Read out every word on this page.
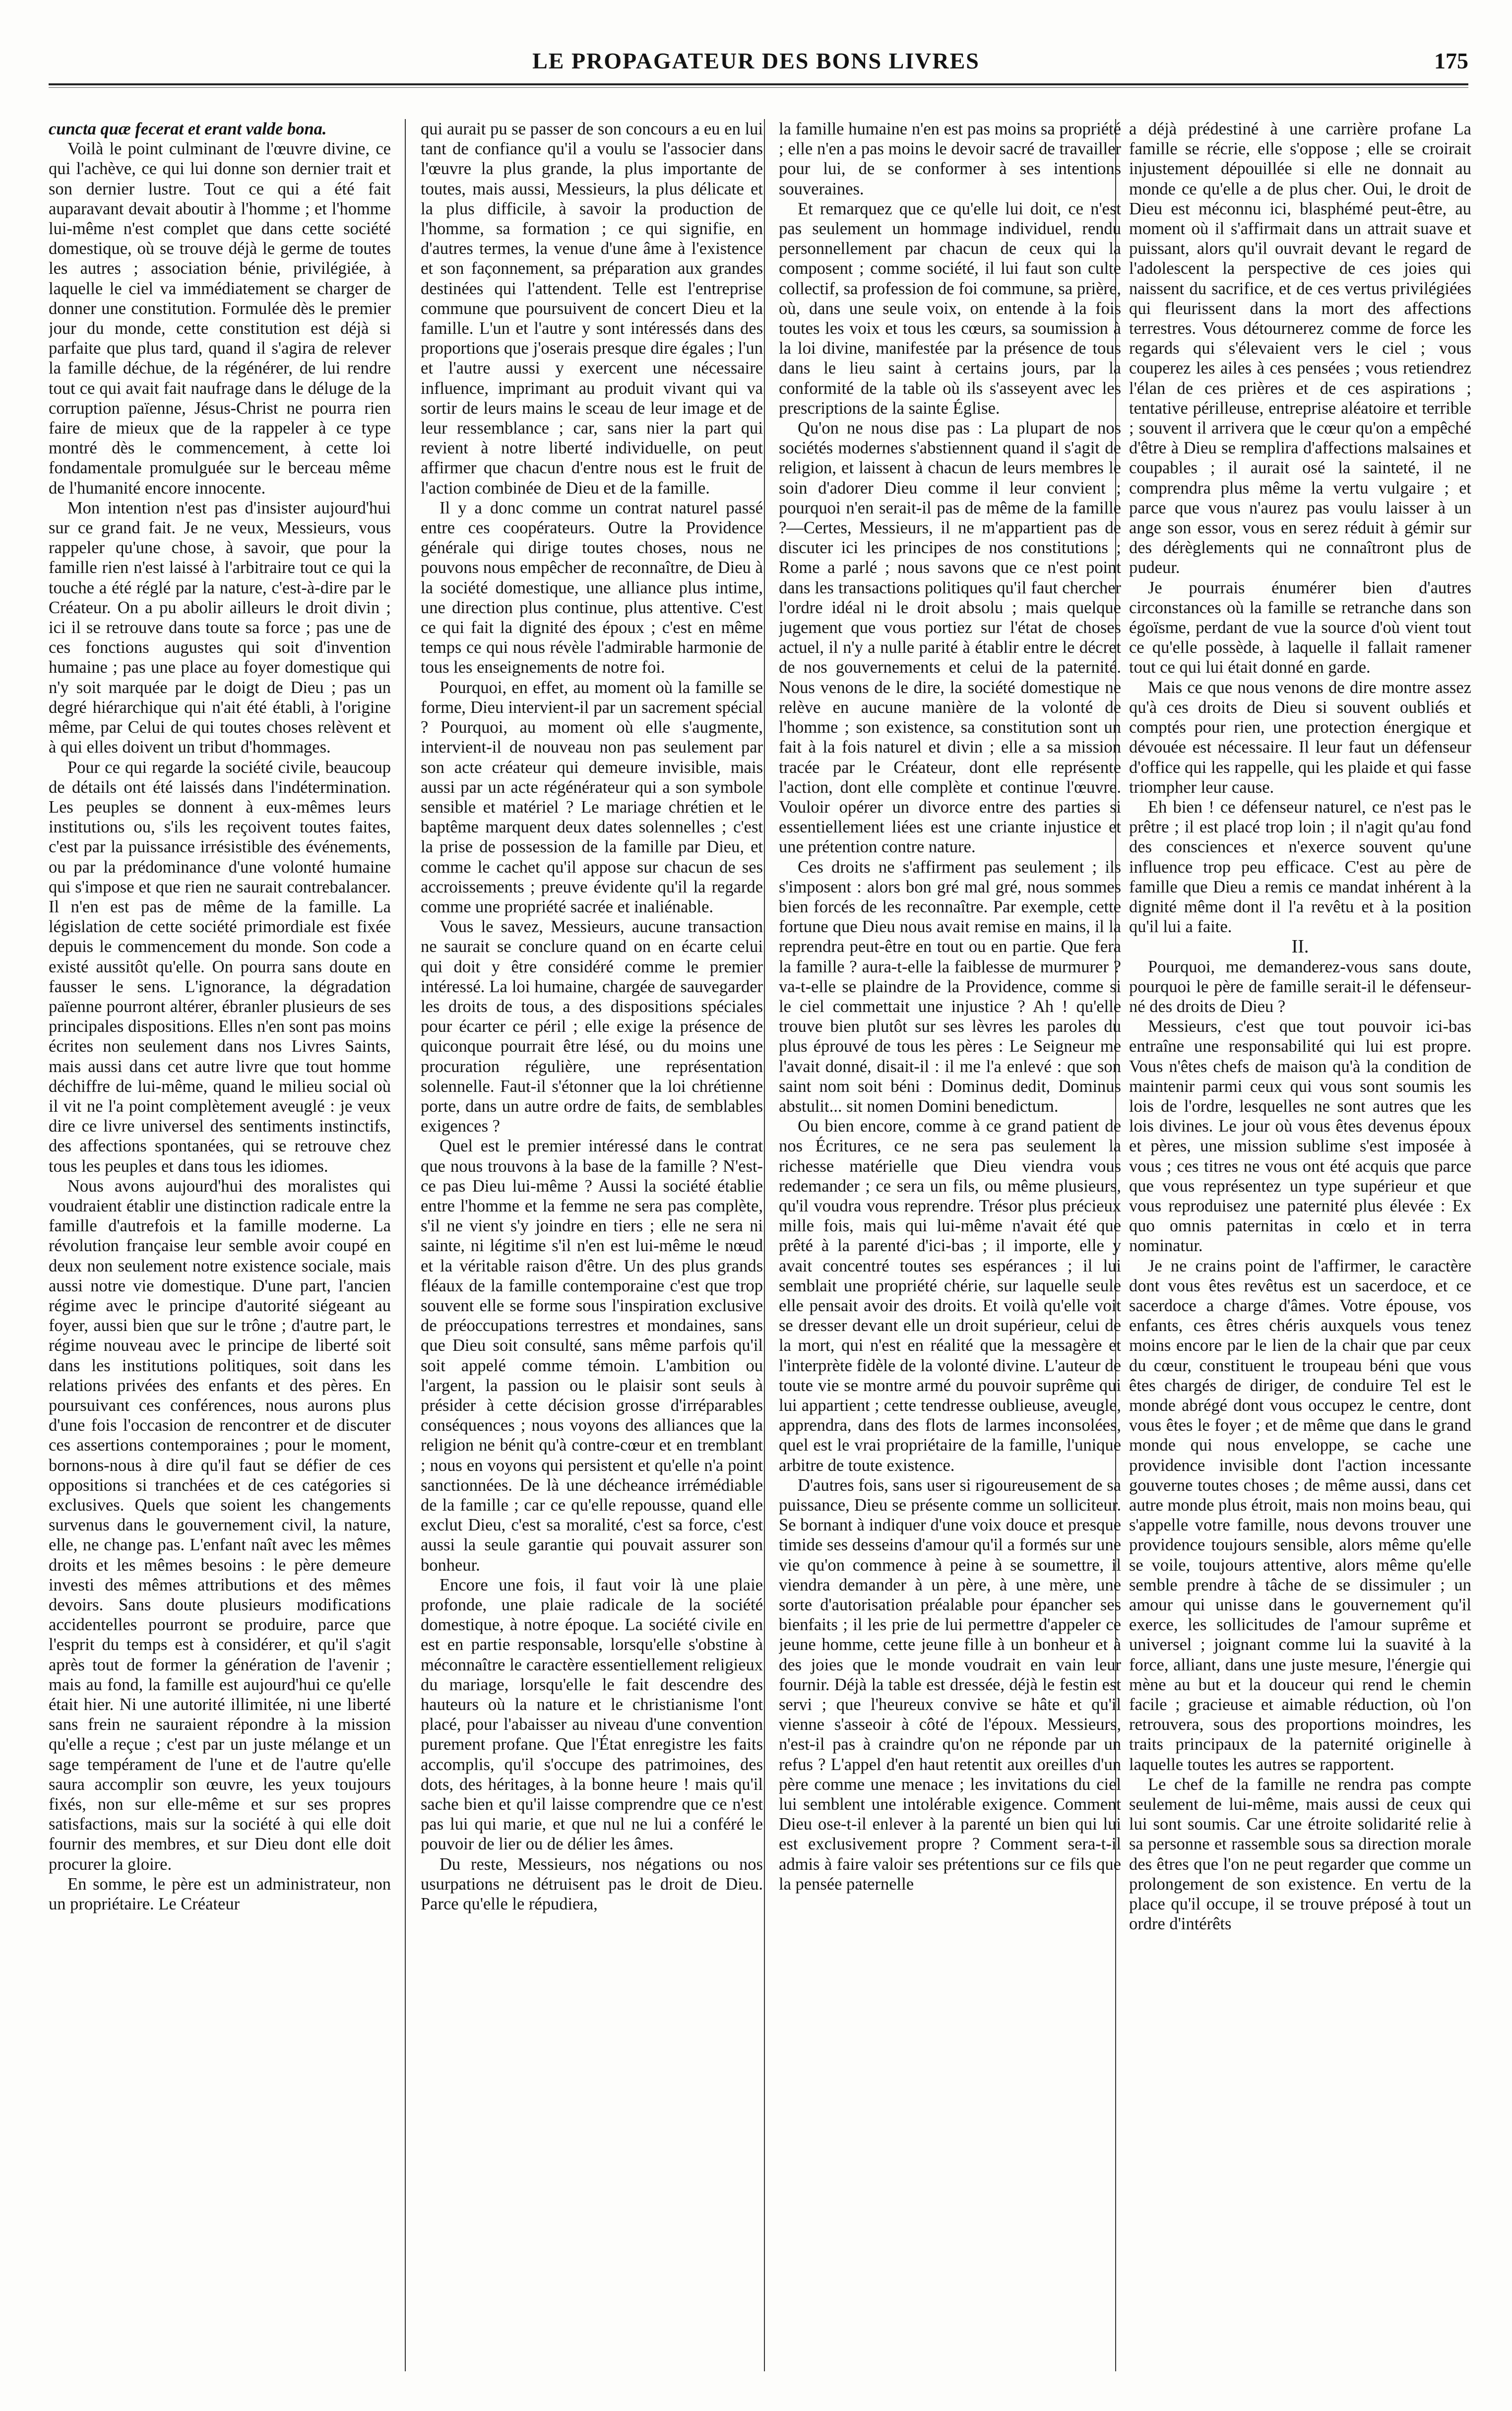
LE PROPAGATEUR DES BONS LIVRES	175

cuncta quæ fecerat et erant valde bona.

Voilà le point culminant de l'œuvre divine, ce qui l'achève, ce qui lui donne son dernier trait et son dernier lustre. Tout ce qui a été fait auparavant devait aboutir à l'homme ; et l'homme lui-même n'est complet que dans cette société domestique, où se trouve déjà le germe de toutes les autres ; association bénie, privilégiée, à laquelle le ciel va immédiatement se charger de donner une constitution. Formulée dès le premier jour du monde, cette constitution est déjà si parfaite que plus tard, quand il s'agira de relever la famille déchue, de la régénérer, de lui rendre tout ce qui avait fait naufrage dans le déluge de la corruption païenne, Jésus-Christ ne pourra rien faire de mieux que de la rappeler à ce type montré dès le commencement, à cette loi fondamentale promulguée sur le berceau même de l'humanité encore innocente.

Mon intention n'est pas d'insister aujourd'hui sur ce grand fait. Je ne veux, Messieurs, vous rappeler qu'une chose, à savoir, que pour la famille rien n'est laissé à l'arbitraire tout ce qui la touche a été réglé par la nature, c'est-à-dire par le Créateur. On a pu abolir ailleurs le droit divin ; ici il se retrouve dans toute sa force ; pas une de ces fonctions augustes qui soit d'invention humaine ; pas une place au foyer domestique qui n'y soit marquée par le doigt de Dieu ; pas un degré hiérarchique qui n'ait été établi, à l'origine même, par Celui de qui toutes choses relèvent et à qui elles doivent un tribut d'hommages.

Pour ce qui regarde la société civile, beaucoup de détails ont été laissés dans l'indétermination. Les peuples se donnent à eux-mêmes leurs institutions ou, s'ils les reçoivent toutes faites, c'est par la puissance irrésistible des événements, ou par la prédominance d'une volonté humaine qui s'impose et que rien ne saurait contrebalancer. Il n'en est pas de même de la famille. La législation de cette société primordiale est fixée depuis le commencement du monde. Son code a existé aussitôt qu'elle. On pourra sans doute en fausser le sens. L'ignorance, la dégradation païenne pourront altérer, ébranler plusieurs de ses principales dispositions. Elles n'en sont pas moins écrites non seulement dans nos Livres Saints, mais aussi dans cet autre livre que tout homme déchiffre de lui-même, quand le milieu social où il vit ne l'a point complètement aveuglé : je veux dire ce livre universel des sentiments instinctifs, des affections spontanées, qui se retrouve chez tous les peuples et dans tous les idiomes.

Nous avons aujourd'hui des moralistes qui voudraient établir une distinction radicale entre la famille d'autrefois et la famille moderne. La révolution française leur semble avoir coupé en deux non seulement notre existence sociale, mais aussi notre vie domestique. D'une part, l'ancien régime avec le principe d'autorité siégeant au foyer, aussi bien que sur le trône ; d'autre part, le régime nouveau avec le principe de liberté soit dans les institutions politiques, soit dans les relations privées des enfants et des pères. En poursuivant ces conférences, nous aurons plus d'une fois l'occasion de rencontrer et de discuter ces assertions contemporaines ; pour le moment, bornons-nous à dire qu'il faut se défier de ces oppositions si tranchées et de ces catégories si exclusives. Quels que soient les changements survenus dans le gouvernement civil, la nature, elle, ne change pas. L'enfant naît avec les mêmes droits et les mêmes besoins : le père demeure investi des mêmes attributions et des mêmes devoirs. Sans doute plusieurs modifications accidentelles pourront se produire, parce que l'esprit du temps est à considérer, et qu'il s'agit après tout de former la génération de l'avenir ; mais au fond, la famille est aujourd'hui ce qu'elle était hier. Ni une autorité illimitée, ni une liberté sans frein ne sauraient répondre à la mission qu'elle a reçue ; c'est par un juste mélange et un sage tempérament de l'une et de l'autre qu'elle saura accomplir son œuvre, les yeux toujours fixés, non sur elle-même et sur ses propres satisfactions, mais sur la société à qui elle doit fournir des membres, et sur Dieu dont elle doit procurer la gloire.

En somme, le père est un administrateur, non un propriétaire. Le Créateur

qui aurait pu se passer de son concours a eu en lui tant de confiance qu'il a voulu se l'associer dans l'œuvre la plus grande, la plus importante de toutes, mais aussi, Messieurs, la plus délicate et la plus difficile, à savoir la production de l'homme, sa formation ; ce qui signifie, en d'autres termes, la venue d'une âme à l'existence et son façonnement, sa préparation aux grandes destinées qui l'attendent. Telle est l'entreprise commune que poursuivent de concert Dieu et la famille. L'un et l'autre y sont intéressés dans des proportions que j'oserais presque dire égales ; l'un et l'autre aussi y exercent une nécessaire influence, imprimant au produit vivant qui va sortir de leurs mains le sceau de leur image et de leur ressemblance ; car, sans nier la part qui revient à notre liberté individuelle, on peut affirmer que chacun d'entre nous est le fruit de l'action combinée de Dieu et de la famille.

Il y a donc comme un contrat naturel passé entre ces coopérateurs. Outre la Providence générale qui dirige toutes choses, nous ne pouvons nous empêcher de reconnaître, de Dieu à la société domestique, une alliance plus intime, une direction plus continue, plus attentive. C'est ce qui fait la dignité des époux ; c'est en même temps ce qui nous révèle l'admirable harmonie de tous les enseignements de notre foi.

Pourquoi, en effet, au moment où la famille se forme, Dieu intervient-il par un sacrement spécial ? Pourquoi, au moment où elle s'augmente, intervient-il de nouveau non pas seulement par son acte créateur qui demeure invisible, mais aussi par un acte régénérateur qui a son symbole sensible et matériel ? Le mariage chrétien et le baptême marquent deux dates solennelles ; c'est la prise de possession de la famille par Dieu, et comme le cachet qu'il appose sur chacun de ses accroissements ; preuve évidente qu'il la regarde comme une propriété sacrée et inaliénable.

Vous le savez, Messieurs, aucune transaction ne saurait se conclure quand on en écarte celui qui doit y être considéré comme le premier intéressé. La loi humaine, chargée de sauvegarder les droits de tous, a des dispositions spéciales pour écarter ce péril ; elle exige la présence de quiconque pourrait être lésé, ou du moins une procuration régulière, une représentation solennelle. Faut-il s'étonner que la loi chrétienne porte, dans un autre ordre de faits, de semblables exigences ?

Quel est le premier intéressé dans le contrat que nous trouvons à la base de la famille ? N'est-ce pas Dieu lui-même ? Aussi la société établie entre l'homme et la femme ne sera pas complète, s'il ne vient s'y joindre en tiers ; elle ne sera ni sainte, ni légitime s'il n'en est lui-même le nœud et la véritable raison d'être. Un des plus grands fléaux de la famille contemporaine c'est que trop souvent elle se forme sous l'inspiration exclusive de préoccupations terrestres et mondaines, sans que Dieu soit consulté, sans même parfois qu'il soit appelé comme témoin. L'ambition ou l'argent, la passion ou le plaisir sont seuls à présider à cette décision grosse d'irréparables conséquences ; nous voyons des alliances que la religion ne bénit qu'à contre-cœur et en tremblant ; nous en voyons qui persistent et qu'elle n'a point sanctionnées. De là une décheance irrémédiable de la famille ; car ce qu'elle repousse, quand elle exclut Dieu, c'est sa moralité, c'est sa force, c'est aussi la seule garantie qui pouvait assurer son bonheur.

Encore une fois, il faut voir là une plaie profonde, une plaie radicale de la société domestique, à notre époque. La société civile en est en partie responsable, lorsqu'elle s'obstine à méconnaître le caractère essentiellement religieux du mariage, lorsqu'elle le fait descendre des hauteurs où la nature et le christianisme l'ont placé, pour l'abaisser au niveau d'une convention purement profane. Que l'État enregistre les faits accomplis, qu'il s'occupe des patrimoines, des dots, des héritages, à la bonne heure ! mais qu'il sache bien et qu'il laisse comprendre que ce n'est pas lui qui marie, et que nul ne lui a conféré le pouvoir de lier ou de délier les âmes.

Du reste, Messieurs, nos négations ou nos usurpations ne détruisent pas le droit de Dieu. Parce qu'elle le répudiera,

la famille humaine n'en est pas moins sa propriété ; elle n'en a pas moins le devoir sacré de travailler pour lui, de se conformer à ses intentions souveraines.

Et remarquez que ce qu'elle lui doit, ce n'est pas seulement un hommage individuel, rendu personnellement par chacun de ceux qui la composent ; comme société, il lui faut son culte collectif, sa profession de foi commune, sa prière, où, dans une seule voix, on entende à la fois toutes les voix et tous les cœurs, sa soumission à la loi divine, manifestée par la présence de tous dans le lieu saint à certains jours, par la conformité de la table où ils s'asseyent avec les prescriptions de la sainte Église.

Qu'on ne nous dise pas : La plupart de nos sociétés modernes s'abstiennent quand il s'agit de religion, et laissent à chacun de leurs membres le soin d'adorer Dieu comme il leur convient ; pourquoi n'en serait-il pas de même de la famille ?—Certes, Messieurs, il ne m'appartient pas de discuter ici les principes de nos constitutions ; Rome a parlé ; nous savons que ce n'est point dans les transactions politiques qu'il faut chercher l'ordre idéal ni le droit absolu ; mais quelque jugement que vous portiez sur l'état de choses actuel, il n'y a nulle parité à établir entre le décret de nos gouvernements et celui de la paternité. Nous venons de le dire, la société domestique ne relève en aucune manière de la volonté de l'homme ; son existence, sa constitution sont un fait à la fois naturel et divin ; elle a sa mission tracée par le Créateur, dont elle représente l'action, dont elle complète et continue l'œuvre. Vouloir opérer un divorce entre des parties si essentiellement liées est une criante injustice et une prétention contre nature.

Ces droits ne s'affirment pas seulement ; ils s'imposent : alors bon gré mal gré, nous sommes bien forcés de les reconnaître. Par exemple, cette fortune que Dieu nous avait remise en mains, il la reprendra peut-être en tout ou en partie. Que fera la famille ? aura-t-elle la faiblesse de murmurer ? va-t-elle se plaindre de la Providence, comme si le ciel commettait une injustice ? Ah ! qu'elle trouve bien plutôt sur ses lèvres les paroles du plus éprouvé de tous les pères : Le Seigneur me l'avait donné, disait-il : il me l'a enlevé : que son saint nom soit béni : Dominus dedit, Dominus abstulit... sit nomen Domini benedictum.

Ou bien encore, comme à ce grand patient de nos Écritures, ce ne sera pas seulement la richesse matérielle que Dieu viendra vous redemander ; ce sera un fils, ou même plusieurs, qu'il voudra vous reprendre. Trésor plus précieux mille fois, mais qui lui-même n'avait été que prêté à la parenté d'ici-bas ; il importe, elle y avait concentré toutes ses espérances ; il lui semblait une propriété chérie, sur laquelle seule elle pensait avoir des droits. Et voilà qu'elle voit se dresser devant elle un droit supérieur, celui de la mort, qui n'est en réalité que la messagère et l'interprète fidèle de la volonté divine. L'auteur de toute vie se montre armé du pouvoir suprême qui lui appartient ; cette tendresse oublieuse, aveugle, apprendra, dans des flots de larmes inconsolées, quel est le vrai propriétaire de la famille, l'unique arbitre de toute existence.

D'autres fois, sans user si rigoureusement de sa puissance, Dieu se présente comme un solliciteur. Se bornant à indiquer d'une voix douce et presque timide ses desseins d'amour qu'il a formés sur une vie qu'on commence à peine à se soumettre, il viendra demander à un père, à une mère, une sorte d'autorisation préalable pour épancher ses bienfaits ; il les prie de lui permettre d'appeler ce jeune homme, cette jeune fille à un bonheur et à des joies que le monde voudrait en vain leur fournir. Déjà la table est dressée, déjà le festin est servi ; que l'heureux convive se hâte et qu'il vienne s'asseoir à côté de l'époux. Messieurs, n'est-il pas à craindre qu'on ne réponde par un refus ? L'appel d'en haut retentit aux oreilles d'un père comme une menace ; les invitations du ciel lui semblent une intolérable exigence. Comment Dieu ose-t-il enlever à la parenté un bien qui lui est exclusivement propre ? Comment sera-t-il admis à faire valoir ses prétentions sur ce fils que la pensée paternelle

a déjà prédestiné à une carrière profane La famille se récrie, elle s'oppose ; elle se croirait injustement dépouillée si elle ne donnait au monde ce qu'elle a de plus cher. Oui, le droit de Dieu est méconnu ici, blasphémé peut-être, au moment où il s'affirmait dans un attrait suave et puissant, alors qu'il ouvrait devant le regard de l'adolescent la perspective de ces joies qui naissent du sacrifice, et de ces vertus privilégiées qui fleurissent dans la mort des affections terrestres. Vous détournerez comme de force les regards qui s'élevaient vers le ciel ; vous couperez les ailes à ces pensées ; vous retiendrez l'élan de ces prières et de ces aspirations ; tentative périlleuse, entreprise aléatoire et terrible ; souvent il arrivera que le cœur qu'on a empêché d'être à Dieu se remplira d'affections malsaines et coupables ; il aurait osé la sainteté, il ne comprendra plus même la vertu vulgaire ; et parce que vous n'aurez pas voulu laisser à un ange son essor, vous en serez réduit à gémir sur des dérèglements qui ne connaîtront plus de pudeur.

Je pourrais énumérer bien d'autres circonstances où la famille se retranche dans son égoïsme, perdant de vue la source d'où vient tout ce qu'elle possède, à laquelle il fallait ramener tout ce qui lui était donné en garde.

Mais ce que nous venons de dire montre assez qu'à ces droits de Dieu si souvent oubliés et comptés pour rien, une protection énergique et dévouée est nécessaire. Il leur faut un défenseur d'office qui les rappelle, qui les plaide et qui fasse triompher leur cause.

Eh bien ! ce défenseur naturel, ce n'est pas le prêtre ; il est placé trop loin ; il n'agit qu'au fond des consciences et n'exerce souvent qu'une influence trop peu efficace. C'est au père de famille que Dieu a remis ce mandat inhérent à la dignité même dont il l'a revêtu et à la position qu'il lui a faite.

II.

Pourquoi, me demanderez-vous sans doute, pourquoi le père de famille serait-il le défenseur-né des droits de Dieu ?

Messieurs, c'est que tout pouvoir ici-bas entraîne une responsabilité qui lui est propre. Vous n'êtes chefs de maison qu'à la condition de maintenir parmi ceux qui vous sont soumis les lois de l'ordre, lesquelles ne sont autres que les lois divines. Le jour où vous êtes devenus époux et pères, une mission sublime s'est imposée à vous ; ces titres ne vous ont été acquis que parce que vous représentez un type supérieur et que vous reproduisez une paternité plus élevée : Ex quo omnis paternitas in cœlo et in terra nominatur.

Je ne crains point de l'affirmer, le caractère dont vous êtes revêtus est un sacerdoce, et ce sacerdoce a charge d'âmes. Votre épouse, vos enfants, ces êtres chéris auxquels vous tenez moins encore par le lien de la chair que par ceux du cœur, constituent le troupeau béni que vous êtes chargés de diriger, de conduire Tel est le monde abrégé dont vous occupez le centre, dont vous êtes le foyer ; et de même que dans le grand monde qui nous enveloppe, se cache une providence invisible dont l'action incessante gouverne toutes choses ; de même aussi, dans cet autre monde plus étroit, mais non moins beau, qui s'appelle votre famille, nous devons trouver une providence toujours sensible, alors même qu'elle se voile, toujours attentive, alors même qu'elle semble prendre à tâche de se dissimuler ; un amour qui unisse dans le gouvernement qu'il exerce, les sollicitudes de l'amour suprême et universel ; joignant comme lui la suavité à la force, alliant, dans une juste mesure, l'énergie qui mène au but et la douceur qui rend le chemin facile ; gracieuse et aimable réduction, où l'on retrouvera, sous des proportions moindres, les traits principaux de la paternité originelle à laquelle toutes les autres se rapportent.

Le chef de la famille ne rendra pas compte seulement de lui-même, mais aussi de ceux qui lui sont soumis. Car une étroite solidarité relie à sa personne et rassemble sous sa direction morale des êtres que l'on ne peut regarder que comme un prolongement de son existence. En vertu de la place qu'il occupe, il se trouve préposé à tout un ordre d'intérêts
